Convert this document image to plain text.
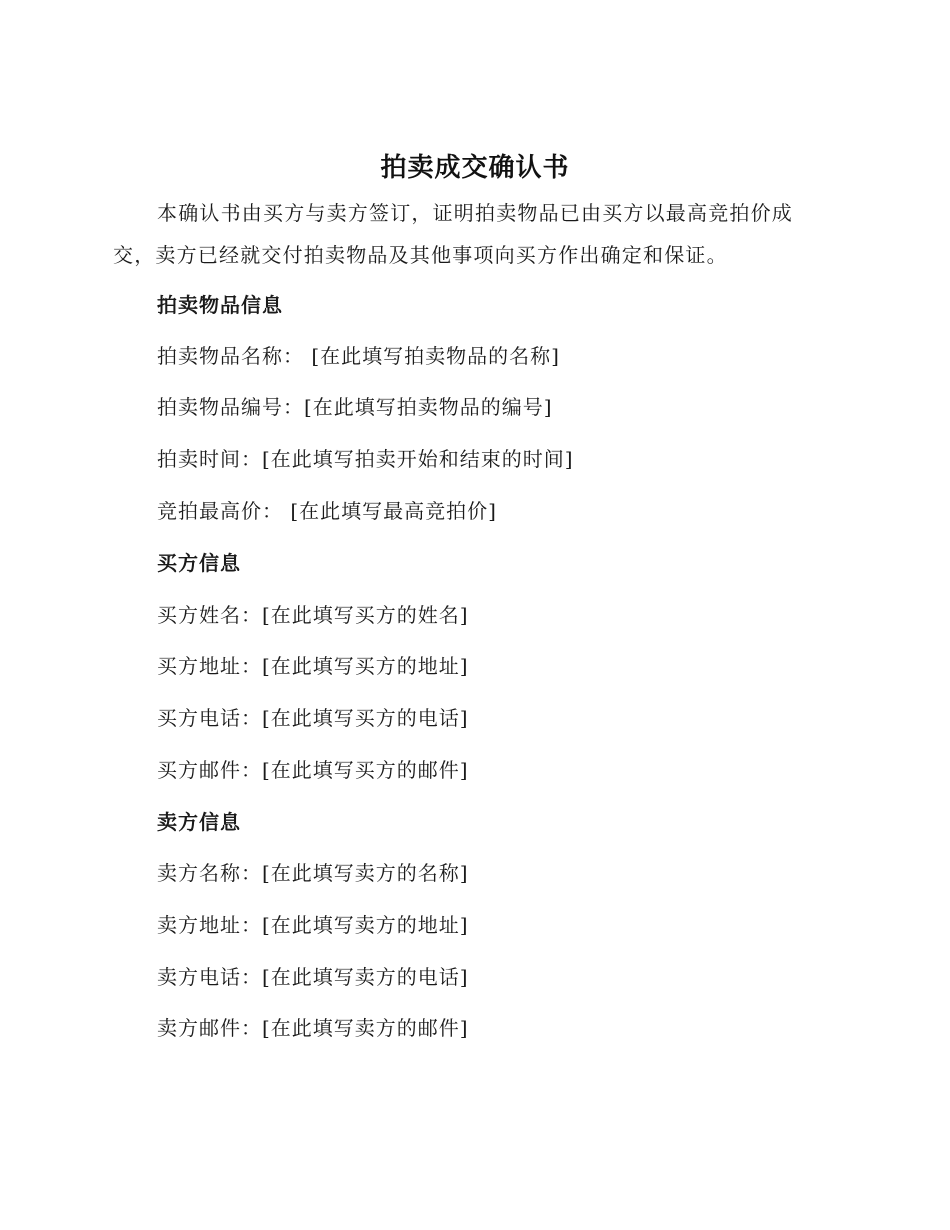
拍卖成交确认书

本确认书由买方与卖方签订，证明拍卖物品已由买方以最高竞拍价成交，卖方已经就交付拍卖物品及其他事项向买方作出确定和保证。

拍卖物品信息
拍卖物品名称： [在此填写拍卖物品的名称]
拍卖物品编号：[在此填写拍卖物品的编号]
拍卖时间：[在此填写拍卖开始和结束的时间]
竞拍最高价： [在此填写最高竞拍价]
买方信息
买方姓名：[在此填写买方的姓名]
买方地址：[在此填写买方的地址]
买方电话：[在此填写买方的电话]
买方邮件：[在此填写买方的邮件]
卖方信息
卖方名称：[在此填写卖方的名称]
卖方地址：[在此填写卖方的地址]
卖方电话：[在此填写卖方的电话]
卖方邮件：[在此填写卖方的邮件]
